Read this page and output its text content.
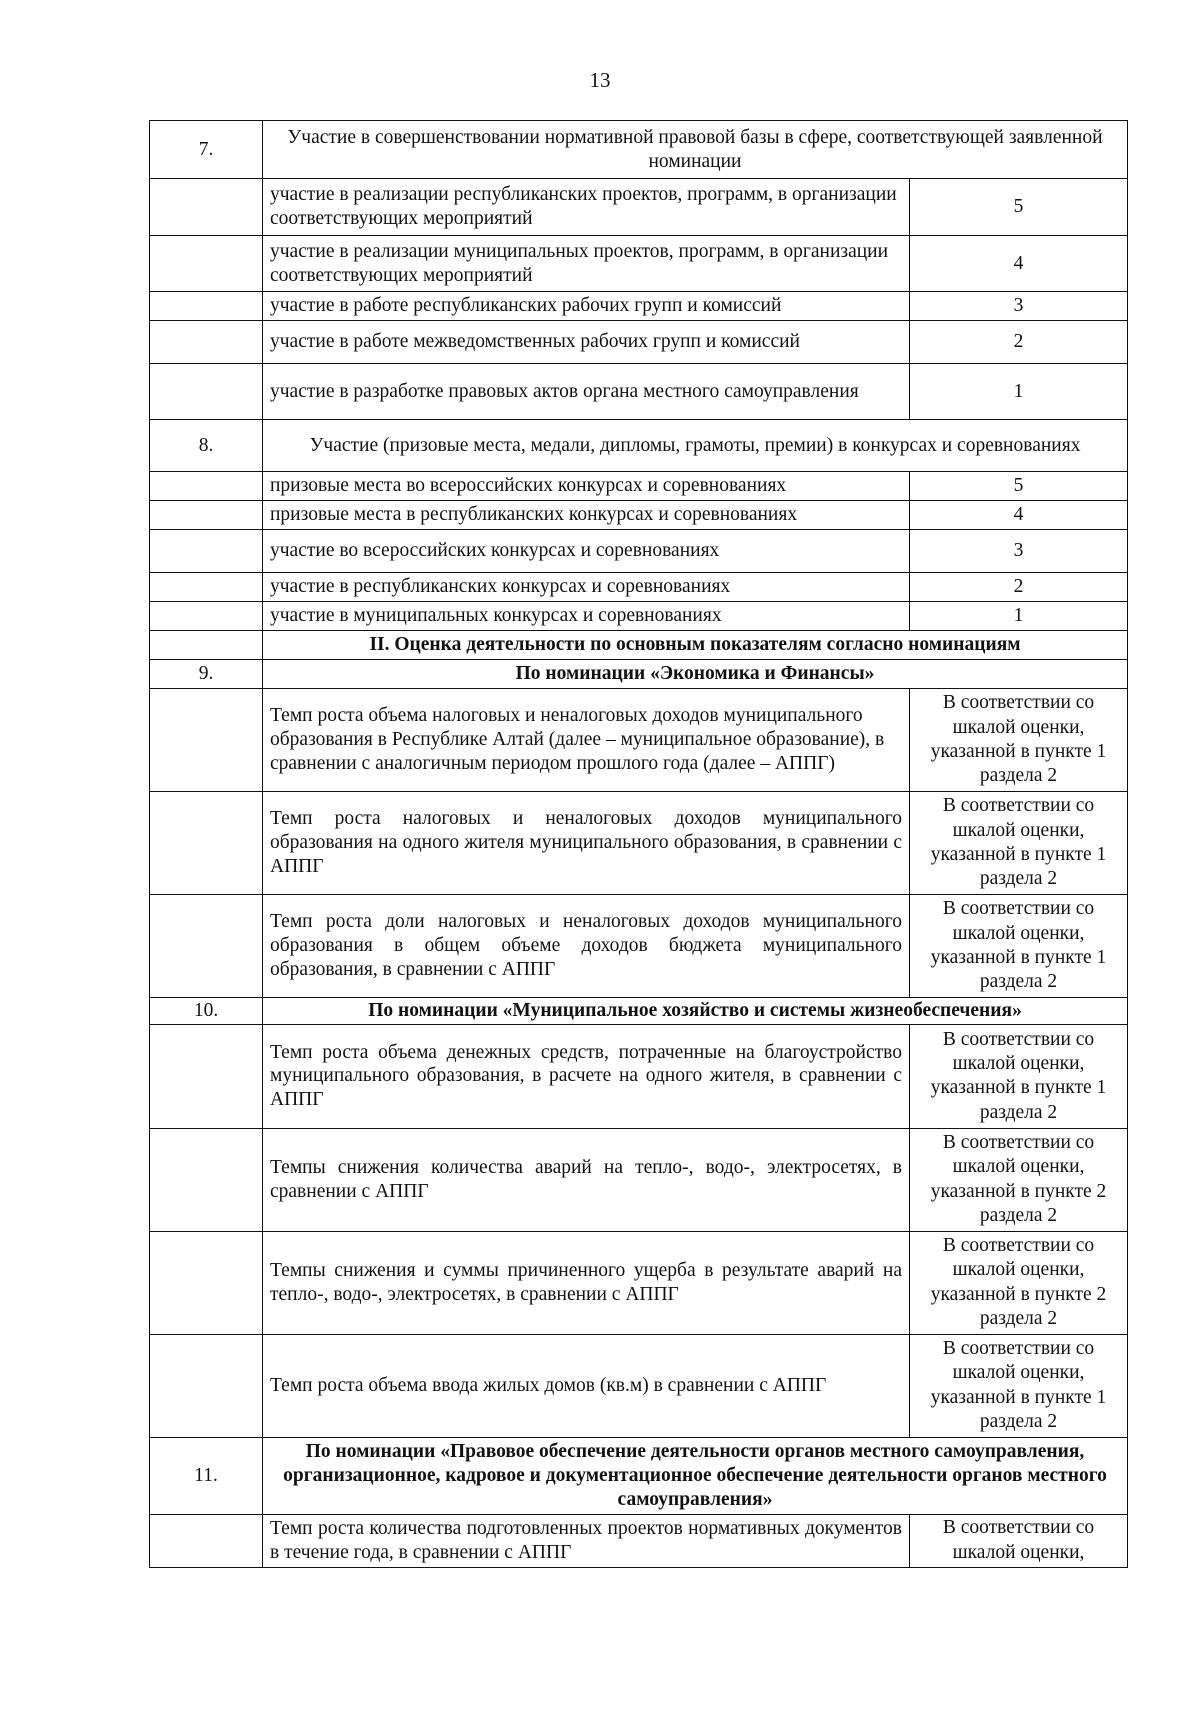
13
7.	Участие в совершенствовании нормативной правовой базы в сфере, соответствующей заявленной номинации	
	участие в реализации республиканских проектов, программ, в организации соответствующих мероприятий	5
	участие в реализации муниципальных проектов, программ, в организации соответствующих мероприятий	4
	участие в работе республиканских рабочих групп и комиссий	3
	участие в работе межведомственных рабочих групп и комиссий	2
	участие в разработке правовых актов органа местного самоуправления	1
8.	Участие (призовые места, медали, дипломы, грамоты, премии) в конкурсах и соревнованиях	
	призовые места во всероссийских конкурсах и соревнованиях	5
	призовые места в республиканских конкурсах и соревнованиях	4
	участие во всероссийских конкурсах и соревнованиях	3
	участие в республиканских конкурсах и соревнованиях	2
	участие в муниципальных конкурсах и соревнованиях	1
	II. Оценка деятельности по основным показателям согласно номинациям	
9.	По номинации «Экономика и Финансы»	
	Темп роста объема налоговых и неналоговых доходов муниципального образования в Республике Алтай (далее – муниципальное образование), в сравнении с аналогичным периодом прошлого года (далее – АППГ)	В соответствии со шкалой оценки, указанной в пункте 1 раздела 2
	Темп роста налоговых и неналоговых доходов муниципального образования на одного жителя муниципального образования, в сравнении с АППГ	В соответствии со шкалой оценки, указанной в пункте 1 раздела 2
	Темп роста доли налоговых и неналоговых доходов муниципального образования в общем объеме доходов бюджета муниципального образования, в сравнении с АППГ	В соответствии со шкалой оценки, указанной в пункте 1 раздела 2
10.	По номинации «Муниципальное хозяйство и системы жизнеобеспечения»	
	Темп роста объема денежных средств, потраченные на благоустройство муниципального образования, в расчете на одного жителя, в сравнении с АППГ	В соответствии со шкалой оценки, указанной в пункте 1 раздела 2
	Темпы снижения количества аварий на тепло-, водо-, электросетях, в сравнении с АППГ	В соответствии со шкалой оценки, указанной в пункте 2 раздела 2
	Темпы снижения и суммы причиненного ущерба в результате аварий на тепло-, водо-, электросетях, в сравнении с АППГ	В соответствии со шкалой оценки, указанной в пункте 2 раздела 2
	Темп роста объема ввода жилых домов (кв.м) в сравнении с АППГ	В соответствии со шкалой оценки, указанной в пункте 1 раздела 2
11.	По номинации «Правовое обеспечение деятельности органов местного самоуправления, организационное, кадровое и документационное обеспечение деятельности органов местного самоуправления»	
	Темп роста количества подготовленных проектов нормативных документов в течение года, в сравнении с АППГ	В соответствии со шкалой оценки,
